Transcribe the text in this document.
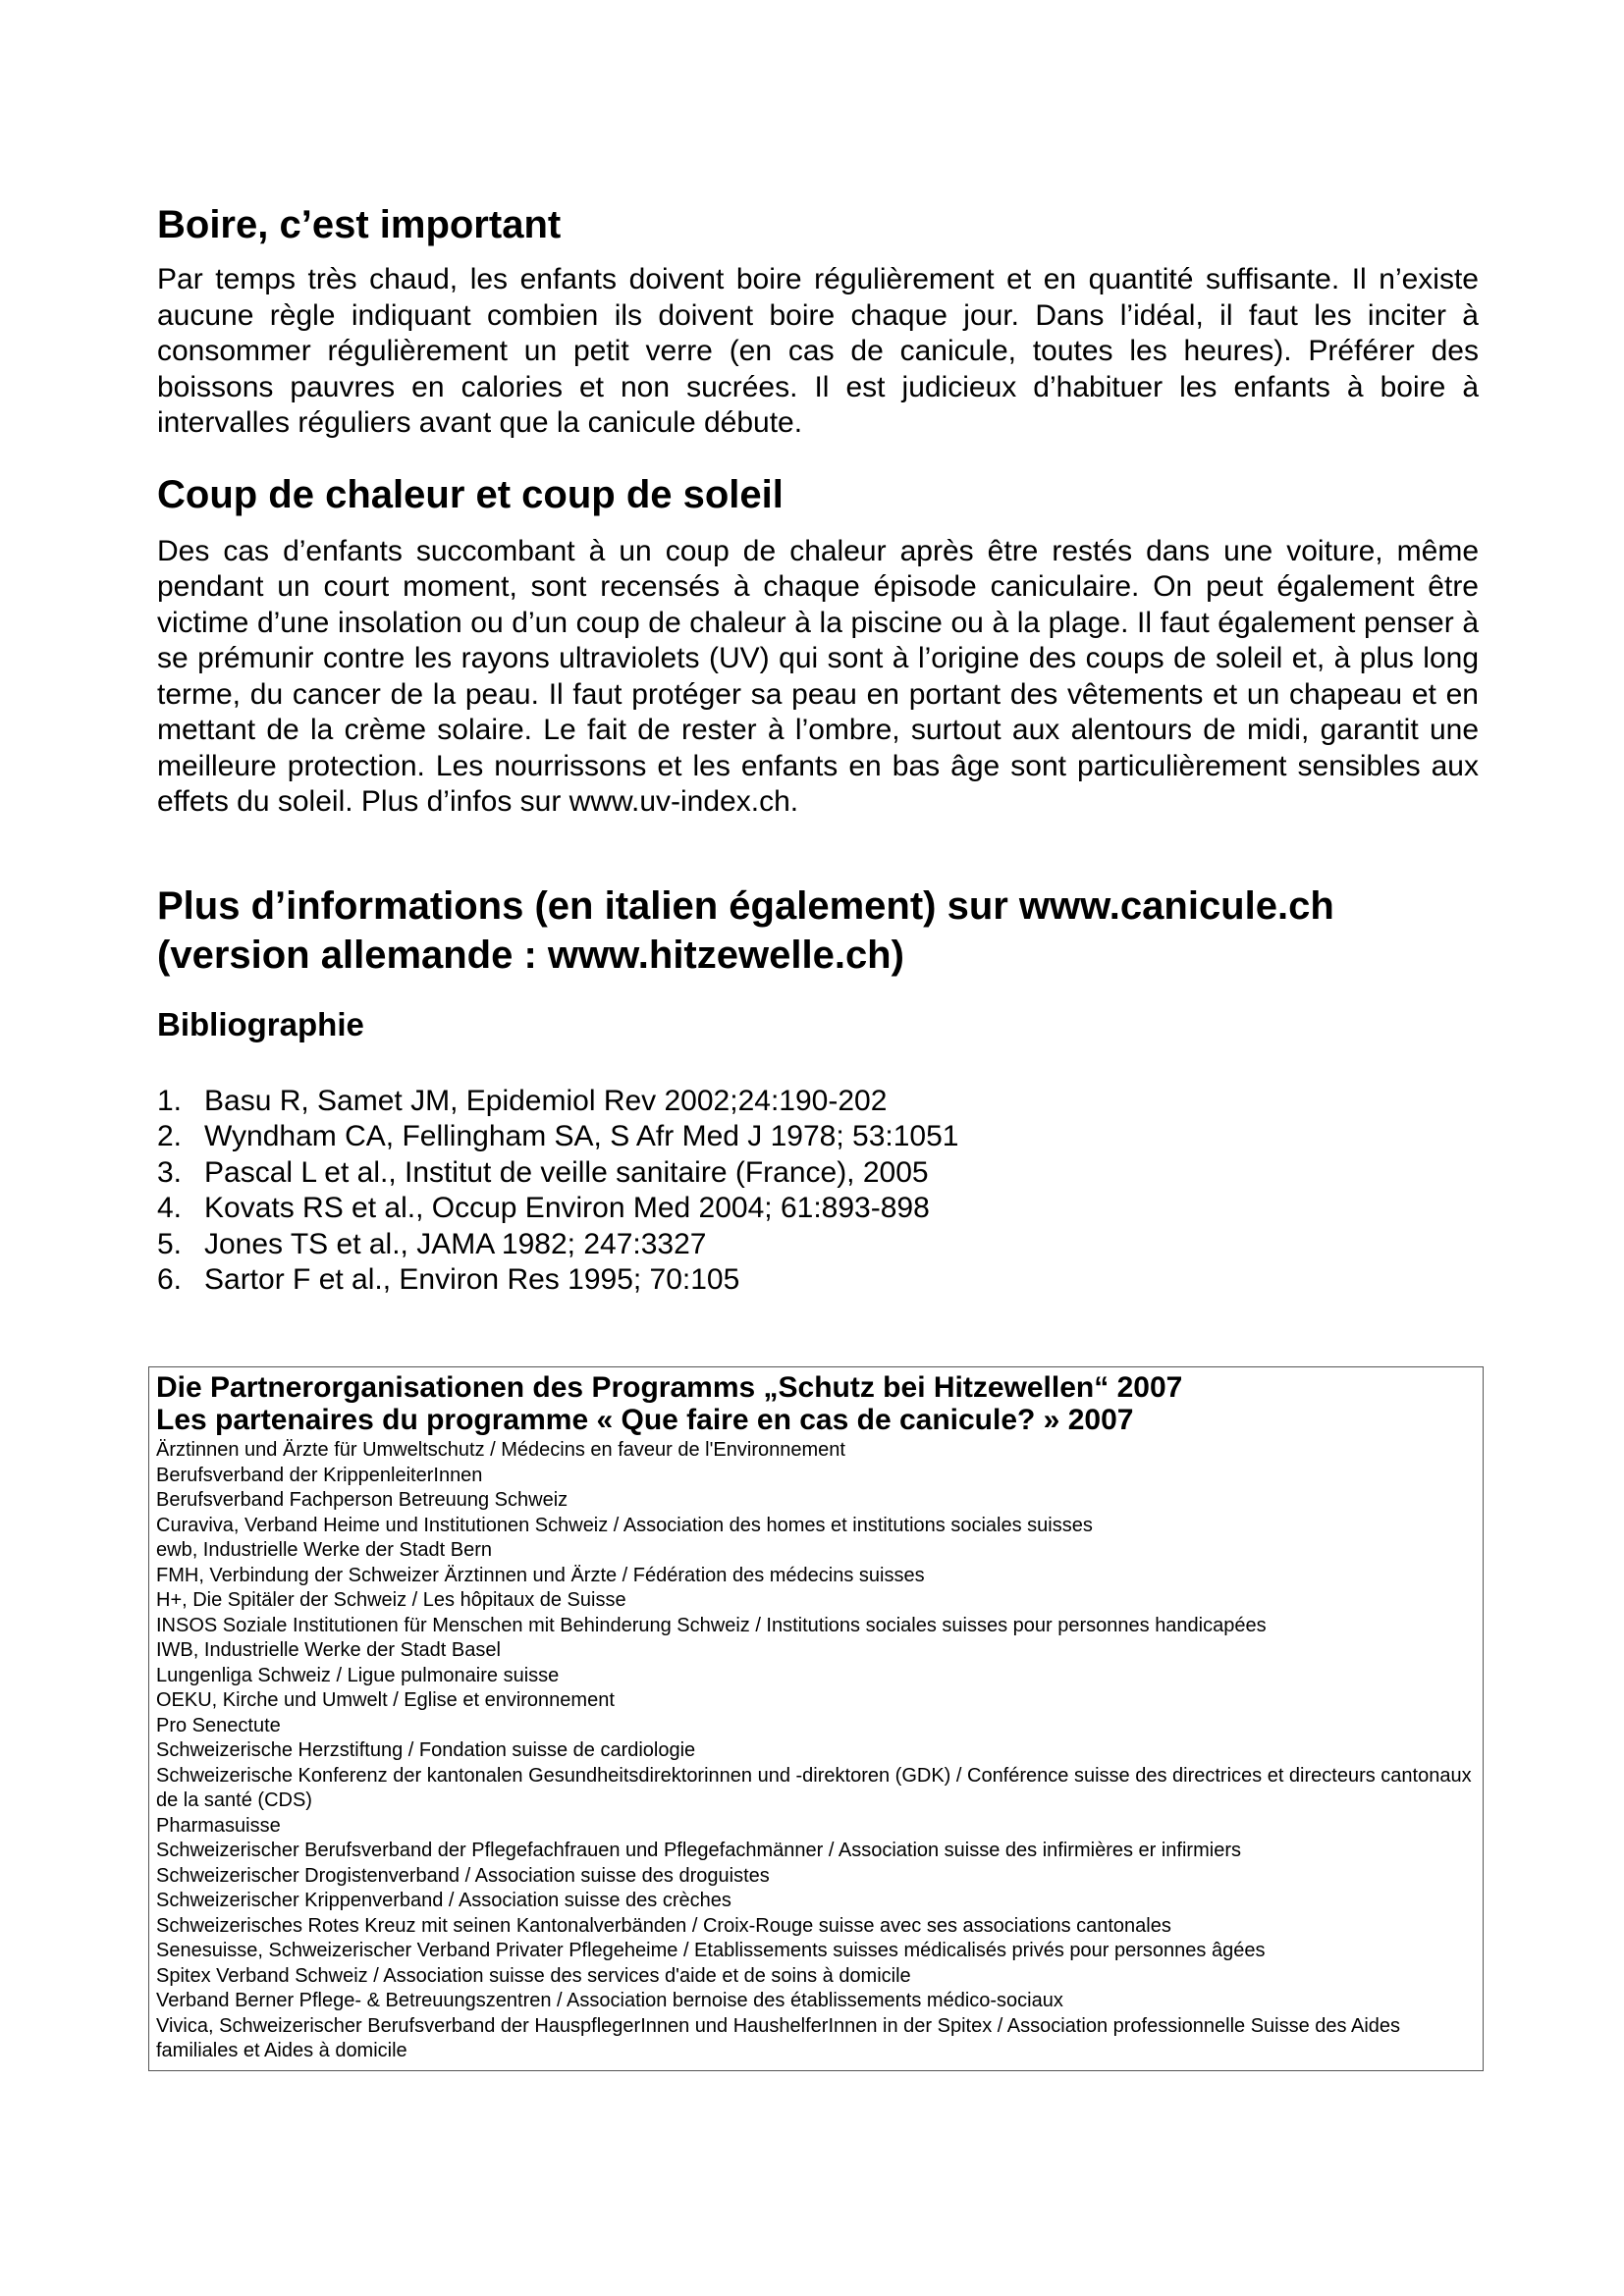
Boire, c’est important

Par temps très chaud, les enfants doivent boire régulièrement et en quantité suffisante. Il n’existe aucune règle indiquant combien ils doivent boire chaque jour. Dans l’idéal, il faut les inciter à consommer régulièrement un petit verre (en cas de canicule, toutes les heures). Préférer des boissons pauvres en calories et non sucrées. Il est judicieux d’habituer les enfants à boire à intervalles réguliers avant que la canicule débute.

Coup de chaleur et coup de soleil

Des cas d’enfants succombant à un coup de chaleur après être restés dans une voiture, même pendant un court moment, sont recensés à chaque épisode caniculaire. On peut également être victime d’une insolation ou d’un coup de chaleur à la piscine ou à la plage. Il faut également penser à se prémunir contre les rayons ultraviolets (UV) qui sont à l’origine des coups de soleil et, à plus long terme, du cancer de la peau. Il faut protéger sa peau en portant des vêtements et un chapeau et en mettant de la crème solaire. Le fait de rester à l’ombre, surtout aux alentours de midi, garantit une meilleure protection. Les nourrissons et les enfants en bas âge sont particulièrement sensibles aux effets du soleil. Plus d’infos sur www.uv-index.ch.

Plus d’informations (en italien également) sur www.canicule.ch
(version allemande : www.hitzewelle.ch)
Bibliographie
1. Basu R, Samet JM, Epidemiol Rev 2002;24:190-202
2. Wyndham CA, Fellingham SA, S Afr Med J 1978; 53:1051
3. Pascal L et al., Institut de veille sanitaire (France), 2005
4. Kovats RS et al., Occup Environ Med 2004; 61:893-898
5. Jones TS et al., JAMA 1982; 247:3327
6. Sartor F et al., Environ Res 1995; 70:105

Die Partnerorganisationen des Programms „Schutz bei Hitzewellen“ 2007

Les partenaires du programme « Que faire en cas de canicule? » 2007

Ärztinnen und Ärzte für Umweltschutz / Médecins en faveur de l'Environnement
Berufsverband der KrippenleiterInnen
Berufsverband Fachperson Betreuung Schweiz
Curaviva, Verband Heime und Institutionen Schweiz / Association des homes et institutions sociales suisses
ewb, Industrielle Werke der Stadt Bern
FMH, Verbindung der Schweizer Ärztinnen und Ärzte / Fédération des médecins suisses
H+, Die Spitäler der Schweiz / Les hôpitaux de Suisse
INSOS Soziale Institutionen für Menschen mit Behinderung Schweiz / Institutions sociales suisses pour personnes handicapées
IWB, Industrielle Werke der Stadt Basel
Lungenliga Schweiz / Ligue pulmonaire suisse
OEKU, Kirche und Umwelt / Eglise et environnement
Pro Senectute
Schweizerische Herzstiftung / Fondation suisse de cardiologie
Schweizerische Konferenz der kantonalen Gesundheitsdirektorinnen und -direktoren (GDK) / Conférence suisse des directrices et directeurs cantonaux de la santé (CDS)
Pharmasuisse
Schweizerischer Berufsverband der Pflegefachfrauen und Pflegefachmänner / Association suisse des infirmières er infirmiers
Schweizerischer Drogistenverband / Association suisse des droguistes
Schweizerischer Krippenverband / Association suisse des crèches
Schweizerisches Rotes Kreuz mit seinen Kantonalverbänden / Croix-Rouge suisse avec ses associations cantonales
Senesuisse, Schweizerischer Verband Privater Pflegeheime / Etablissements suisses médicalisés privés pour personnes âgées
Spitex Verband Schweiz / Association suisse des services d'aide et de soins à domicile
Verband Berner Pflege- & Betreuungszentren / Association bernoise des établissements médico-sociaux
Vivica, Schweizerischer Berufsverband der HauspflegerInnen und HaushelferInnen in der Spitex / Association professionnelle Suisse des Aides familiales et Aides à domicile
